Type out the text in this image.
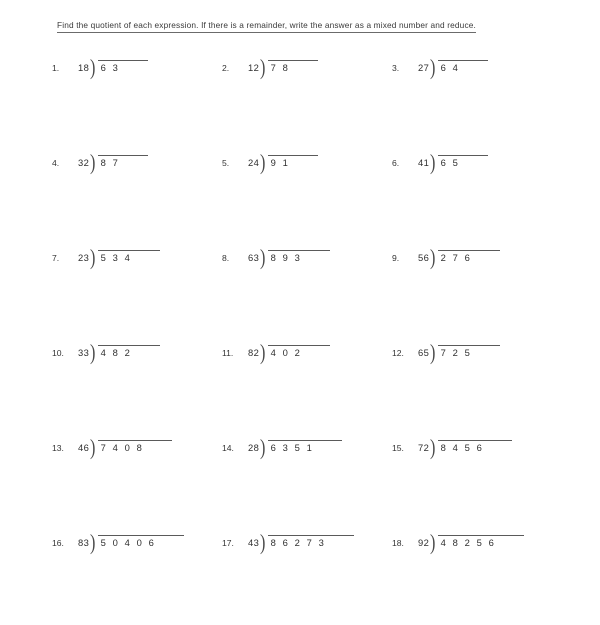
Find the quotient of each expression. If there is a remainder, write the answer as a mixed number and reduce.
1.	18 ) 6 3	2.	12 ) 7 8	3.	27 ) 6 4
4.	32 ) 8 7	5.	24 ) 9 1	6.	41 ) 6 5
7.	23 ) 5 3 4	8.	63 ) 8 9 3	9.	56 ) 2 7 6
10.	33 ) 4 8 2	11.	82 ) 4 0 2	12.	65 ) 7 2 5
13.	46 ) 7 4 0 8	14.	28 ) 6 3 5 1	15.	72 ) 8 4 5 6
16.	83 ) 5 0 4 0 6	17.	43 ) 8 6 2 7 3	18.	92 ) 4 8 2 5 6
